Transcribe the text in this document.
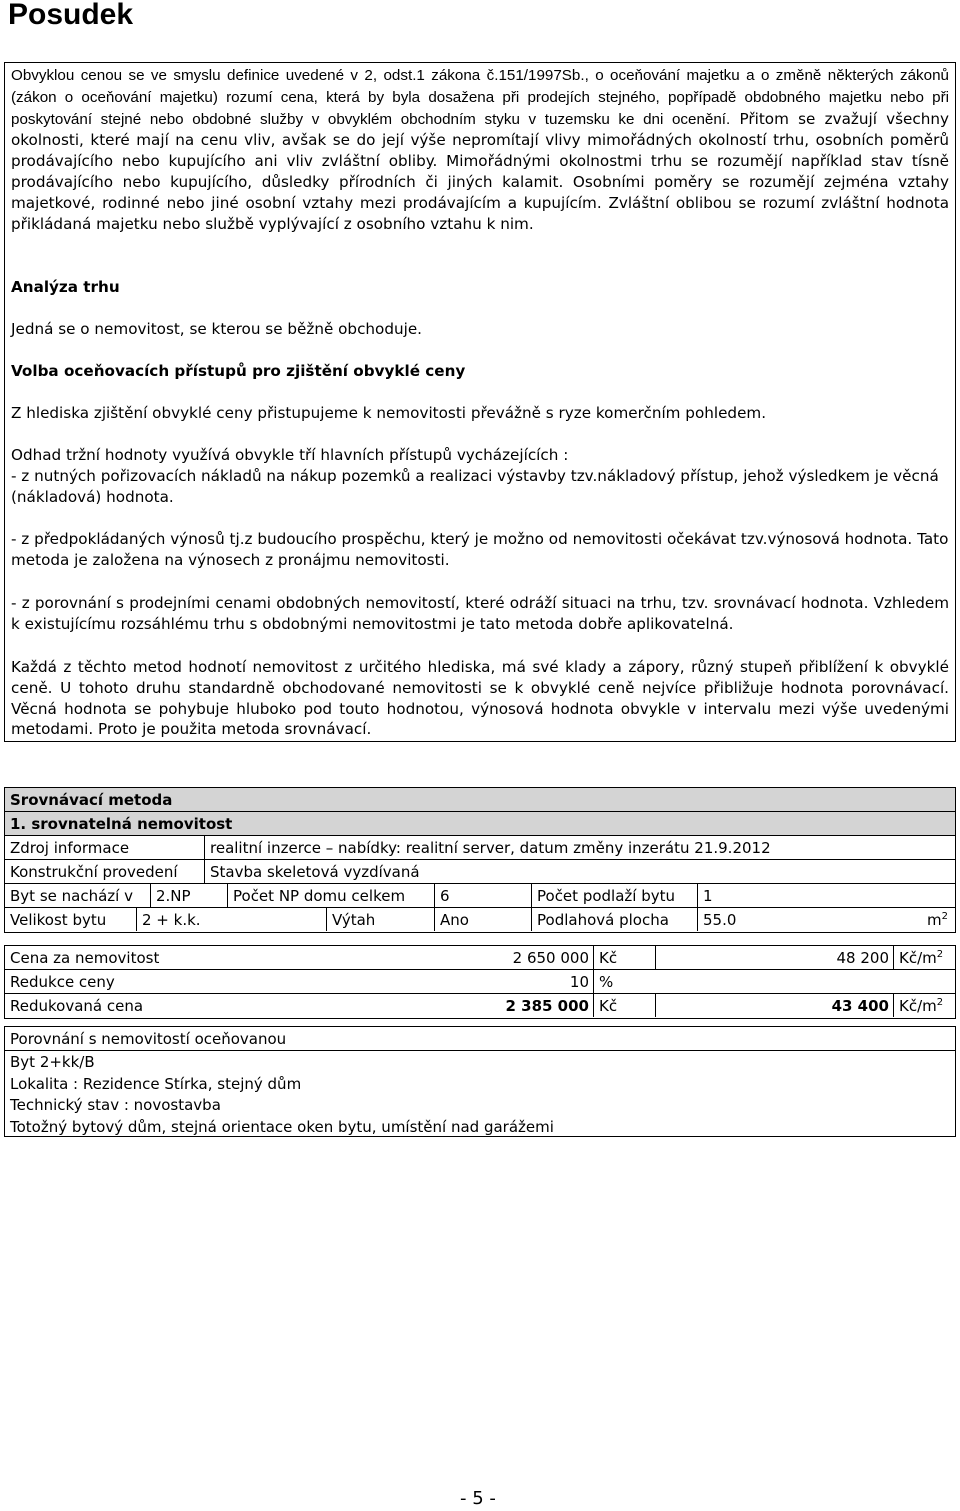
Posudek

Obvyklou cenou se ve smyslu definice uvedené v 2, odst.1 zákona č.151/1997Sb., o oceňování majetku a o změně některých zákonů (zákon o oceňování majetku) rozumí cena, která by byla dosažena při prodejích stejného, popřípadě obdobného majetku nebo při poskytování stejné nebo obdobné služby v obvyklém obchodním styku v tuzemsku ke dni ocenění. Přitom se zvažují všechny okolnosti, které mají na cenu vliv, avšak se do její výše nepromítají vlivy mimořádných okolností trhu, osobních poměrů prodávajícího nebo kupujícího ani vliv zvláštní obliby. Mimořádnými okolnostmi trhu se rozumějí například stav tísně prodávajícího nebo kupujícího, důsledky přírodních či jiných kalamit. Osobními poměry se rozumějí zejména vztahy majetkové, rodinné nebo jiné osobní vztahy mezi prodávajícím a kupujícím. Zvláštní oblibou se rozumí zvláštní hodnota přikládaná majetku nebo službě vyplývající z osobního vztahu k nim.

Analýza trhu

Jedná se o nemovitost, se kterou se běžně obchoduje.

Volba oceňovacích přístupů pro zjištění obvyklé ceny

Z hlediska zjištění obvyklé ceny přistupujeme k nemovitosti převážně s ryze komerčním pohledem.

Odhad tržní hodnoty využívá obvykle tří hlavních přístupů vycházejících :

- z nutných pořizovacích nákladů na nákup pozemků a realizaci výstavby tzv.nákladový přístup, jehož výsledkem je věcná (nákladová) hodnota.

- z předpokládaných výnosů tj.z budoucího prospěchu, který je možno od nemovitosti očekávat tzv.výnosová hodnota. Tato metoda je založena na výnosech z pronájmu nemovitosti.

- z porovnání s prodejními cenami obdobných nemovitostí, které odráží situaci na trhu, tzv. srovnávací hodnota. Vzhledem k existujícímu rozsáhlému trhu s obdobnými nemovitostmi je tato metoda dobře aplikovatelná.

Každá z těchto metod hodnotí nemovitost z určitého hlediska, má své klady a zápory, různý stupeň přiblížení k obvyklé ceně. U tohoto druhu standardně obchodované nemovitosti se k obvyklé ceně nejvíce přibližuje hodnota porovnávací. Věcná hodnota se pohybuje hluboko pod touto hodnotou, výnosová hodnota obvykle v intervalu mezi výše uvedenými metodami. Proto je použita metoda srovnávací.

Srovnávací metoda
1. srovnatelná nemovitost
Zdroj informace	realitní inzerce – nabídky: realitní server, datum změny inzerátu 21.9.2012
Konstrukční provedení	Stavba skeletová vyzdívaná
Byt se nachází v	2.NP	Počet NP domu celkem	6	Počet podlaží bytu	1
Velikost bytu	2 + k.k.	Výtah	Ano	Podlahová plocha	55.0	$m^2$
Cena za nemovitost	2 650 000 Kč	48 200 $Kč/m^2$
Redukce ceny	10 %
Redukovaná cena	2 385 000 Kč	43 400 $Kč/m^2$
Porovnání s nemovitostí oceňovanou
Byt 2+kk/B
Lokalita : Rezidence Stírka, stejný dům
Technický stav : novostavba
Totožný bytový dům, stejná orientace oken bytu, umístění nad garážemi
- 5 -
